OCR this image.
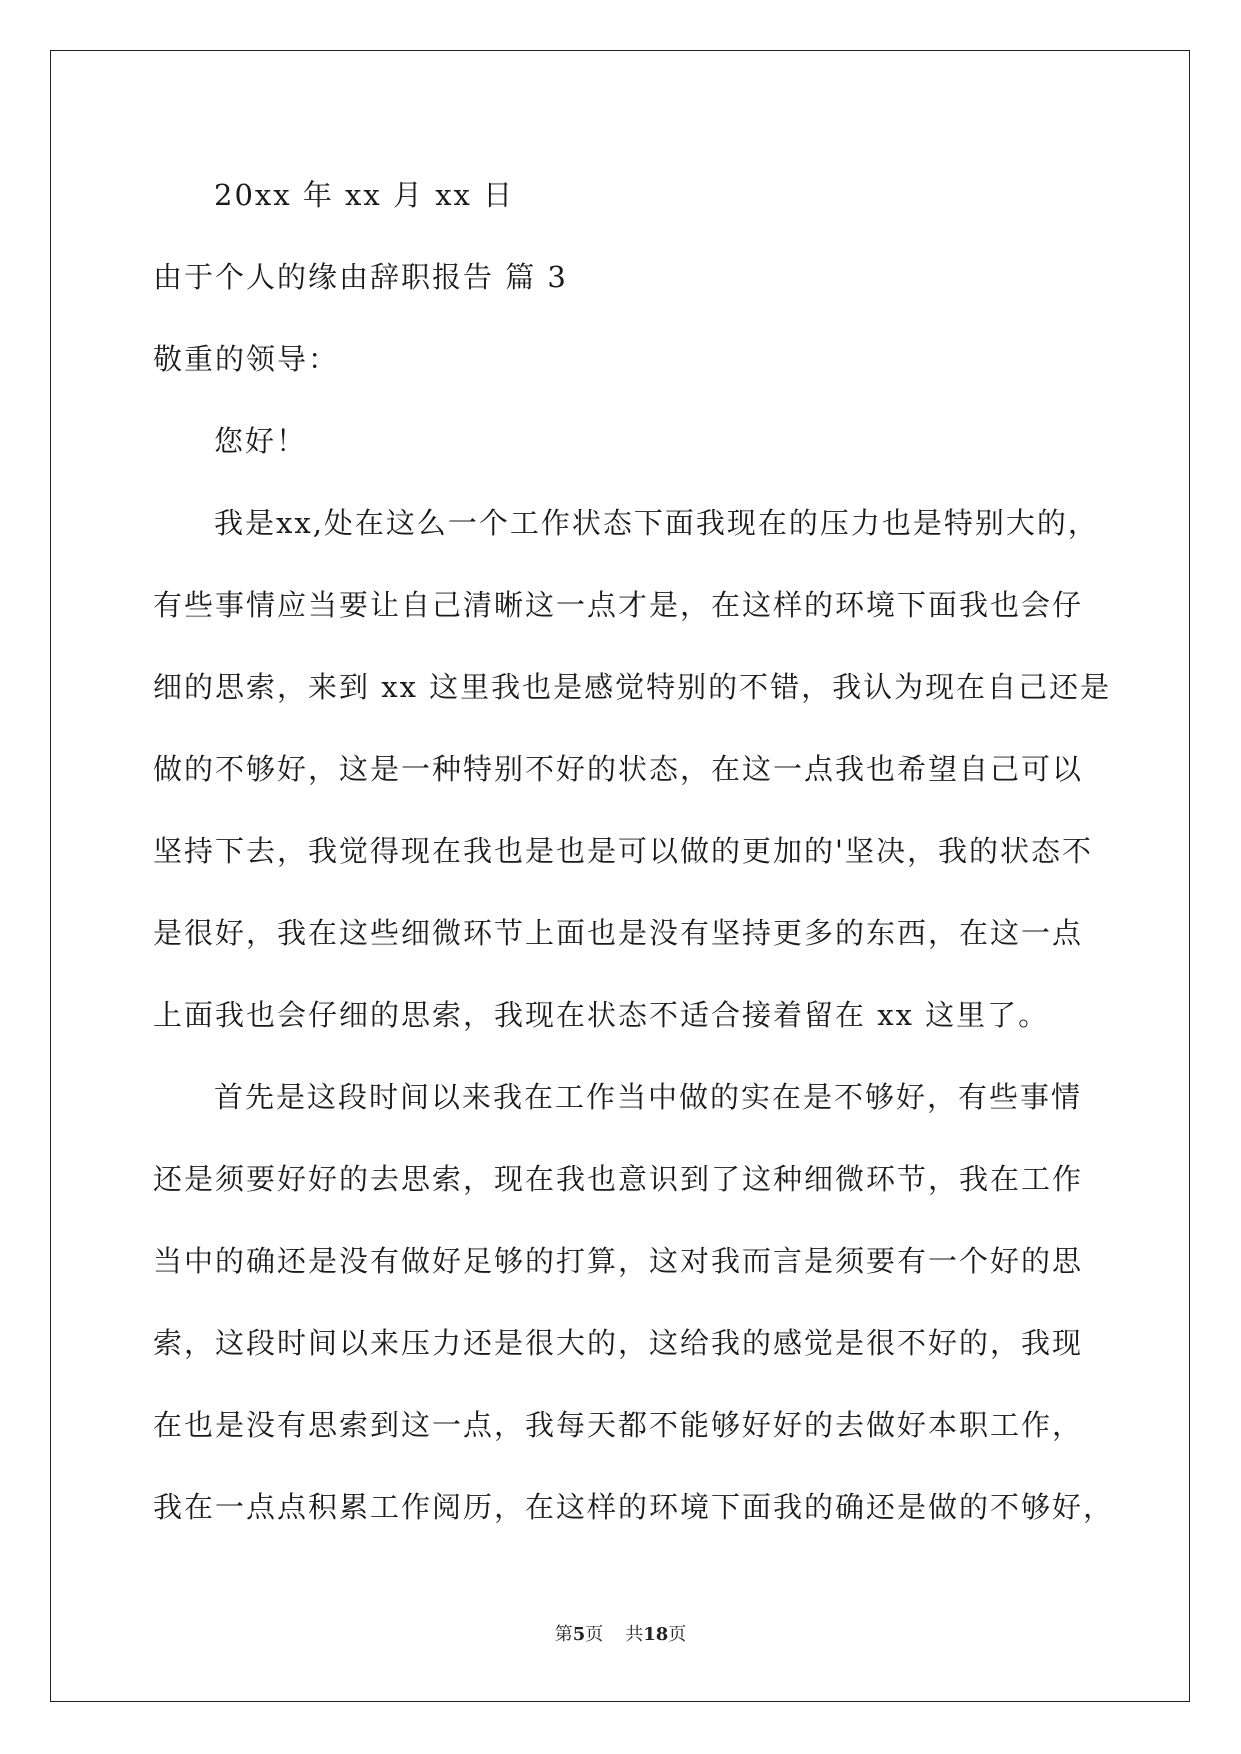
20xx 年 xx 月 xx 日
由于个人的缘由辞职报告 篇 3
敬重的领导：
您好！
我是xx,处在这么一个工作状态下面我现在的压力也是特别大的，
有些事情应当要让自己清晰这一点才是，在这样的环境下面我也会仔
细的思索，来到 xx 这里我也是感觉特别的不错，我认为现在自己还是
做的不够好，这是一种特别不好的状态，在这一点我也希望自己可以
坚持下去，我觉得现在我也是也是可以做的更加的'坚决，我的状态不
是很好，我在这些细微环节上面也是没有坚持更多的东西，在这一点
上面我也会仔细的思索，我现在状态不适合接着留在 xx 这里了。
首先是这段时间以来我在工作当中做的实在是不够好，有些事情
还是须要好好的去思索，现在我也意识到了这种细微环节，我在工作
当中的确还是没有做好足够的打算，这对我而言是须要有一个好的思
索，这段时间以来压力还是很大的，这给我的感觉是很不好的，我现
在也是没有思索到这一点，我每天都不能够好好的去做好本职工作，
我在一点点积累工作阅历，在这样的环境下面我的确还是做的不够好，
第5页 共18页
